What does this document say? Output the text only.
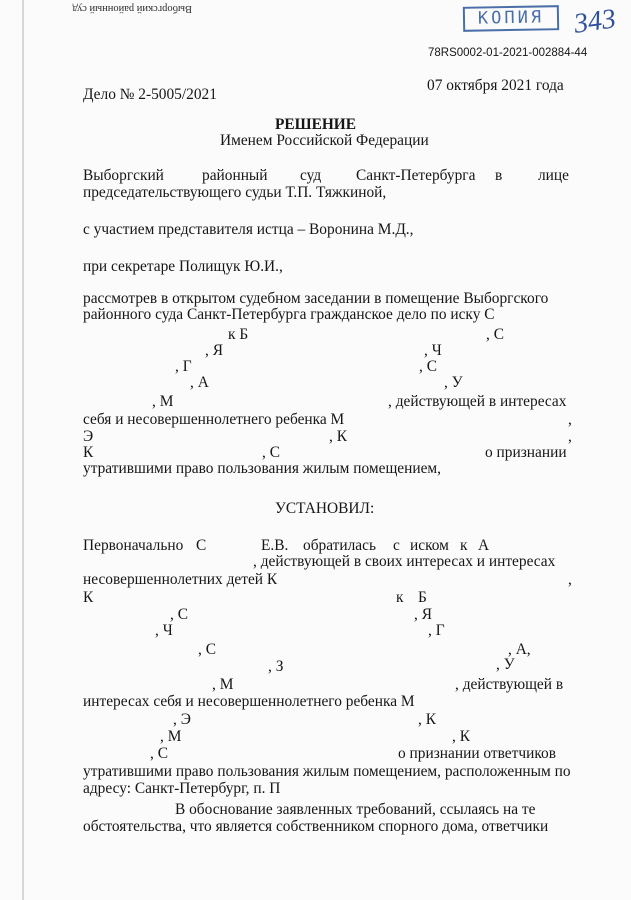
Выборгский районный суд	КОПИЯ 343
78RS0002-01-2021-002884-44
Дело № 2-5005/2021
07 октября 2021 года
РЕШЕНИЕ
Именем Российской Федерации
Выборгский районный суд Санкт-Петербурга в лице
председательствующего судьи Т.П. Тяжкиной,
с участием представителя истца – Воронина М.Д.,
при секретаре Полищук Ю.И.,
рассмотрев в открытом судебном заседании в помещение Выборгского
районного суда Санкт-Петербурга гражданское дело по иску С
к Б	, С
, Я	, Ч
, Г	, С
, А	, У
, М	, действующей в интересах
себя и несовершеннолетнего ребенка М	,
Э	, К	,
К	, С	о признании
утратившими право пользования жилым помещением,
УСТАНОВИЛ:
Первоначально С	Е.В. обратилась с иском к А
, действующей в своих интересах и интересах
несовершеннолетних детей К	,
К	к Б
, С	, Я
, Ч	, Г
, С	, А,
, З	, У
, М	, действующей в
интересах себя и несовершеннолетнего ребенка М
, Э	, К
, М	, К
, С	о признании ответчиков
утратившими право пользования жилым помещением, расположенным по
адресу: Санкт-Петербург, п. П
В обоснование заявленных требований, ссылаясь на те
обстоятельства, что является собственником спорного дома, ответчики
